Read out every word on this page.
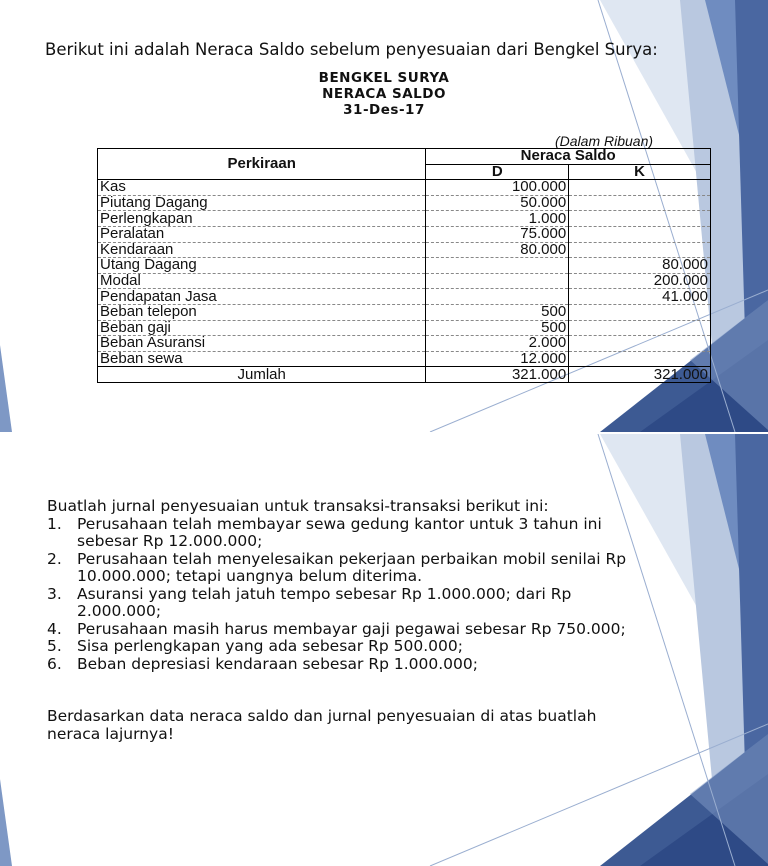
Berikut ini adalah Neraca Saldo sebelum penyesuaian dari Bengkel Surya:
BENGKEL SURYA
NERACA SALDO
31-Des-17
(Dalam Ribuan)
Perkiraan	Neraca Saldo	
	D	K
Kas	100.000	
Piutang Dagang	50.000	
Perlengkapan	1.000	
Peralatan	75.000	
Kendaraan	80.000	
Utang Dagang		80.000
Modal		200.000
Pendapatan Jasa		41.000
Beban telepon	500	
Beban gaji	500	
Beban Asuransi	2.000	
Beban sewa	12.000	
Jumlah	321.000	321.000

Buatlah jurnal penyesuaian untuk transaksi-transaksi berikut ini:

1. Perusahaan telah membayar sewa gedung kantor untuk 3 tahun ini
sebesar Rp 12.000.000;
2. Perusahaan telah menyelesaikan pekerjaan perbaikan mobil senilai Rp
10.000.000; tetapi uangnya belum diterima.
3. Asuransi yang telah jatuh tempo sebesar Rp 1.000.000; dari Rp
2.000.000;
4. Perusahaan masih harus membayar gaji pegawai sebesar Rp 750.000;
5. Sisa perlengkapan yang ada sebesar Rp 500.000;
6. Beban depresiasi kendaraan sebesar Rp 1.000.000;
Berdasarkan data neraca saldo dan jurnal penyesuaian di atas buatlah
neraca lajurnya!
